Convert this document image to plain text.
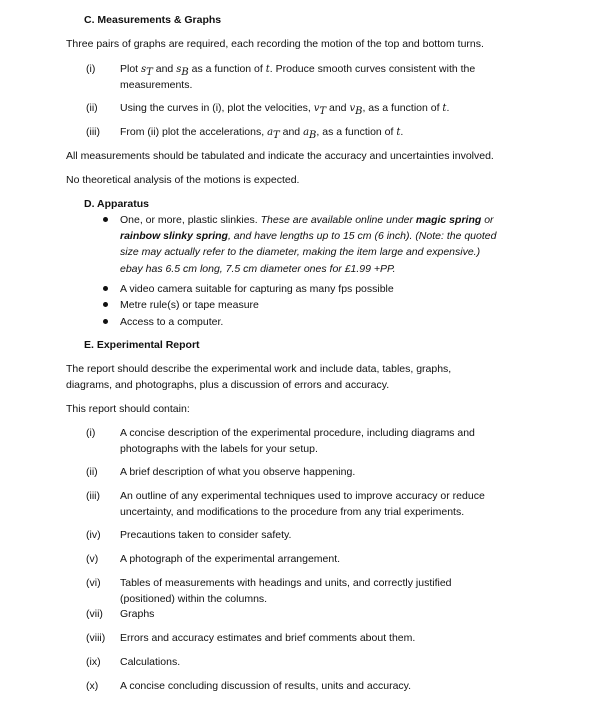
C. Measurements & Graphs
Three pairs of graphs are required, each recording the motion of the top and bottom turns.
(i) Plot $s_T$ and $s_B$ as a function of t. Produce smooth curves consistent with the
measurements.
(ii) Using the curves in (i), plot the velocities, $v_T$ and $v_B$, as a function of t.
(iii) From (ii) plot the accelerations, $a_T$ and $a_B$, as a function of t.
All measurements should be tabulated and indicate the accuracy and uncertainties involved.
No theoretical analysis of the motions is expected.
D. Apparatus
One, or more, plastic slinkies. These are available online under magic spring or
rainbow slinky spring, and have lengths up to 15 cm (6 inch). (Note: the quoted
size may actually refer to the diameter, making the item large and expensive.)
ebay has 6.5 cm long, 7.5 cm diameter ones for £1.99 +PP.
A video camera suitable for capturing as many fps possible
Metre rule(s) or tape measure
Access to a computer.
E. Experimental Report
The report should describe the experimental work and include data, tables, graphs,
diagrams, and photographs, plus a discussion of errors and accuracy.
This report should contain:
(i) A concise description of the experimental procedure, including diagrams and
photographs with the labels for your setup.
(ii) A brief description of what you observe happening.
(iii) An outline of any experimental techniques used to improve accuracy or reduce
uncertainty, and modifications to the procedure from any trial experiments.
(iv) Precautions taken to consider safety.
(v) A photograph of the experimental arrangement.
(vi) Tables of measurements with headings and units, and correctly justified
(positioned) within the columns.
(vii) Graphs
(viii) Errors and accuracy estimates and brief comments about them.
(ix) Calculations.
(x) A concise concluding discussion of results, units and accuracy.
